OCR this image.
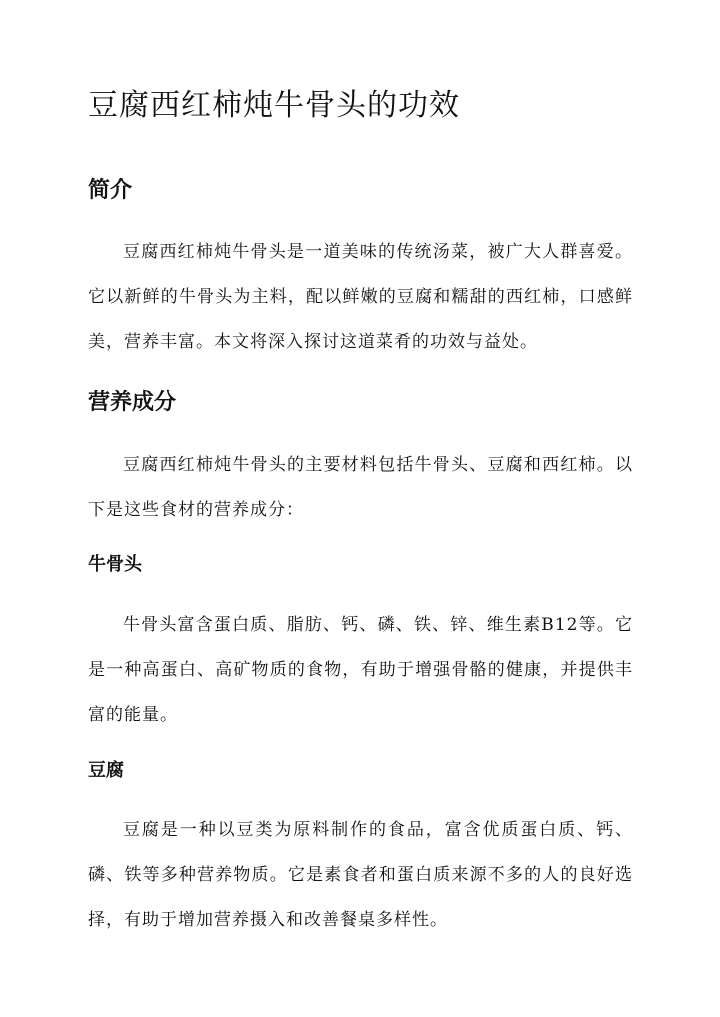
豆腐西红柿炖牛骨头的功效
简介

豆腐西红柿炖牛骨头是一道美味的传统汤菜，被广大人群喜爱。它以新鲜的牛骨头为主料，配以鲜嫩的豆腐和糯甜的西红柿，口感鲜美，营养丰富。本文将深入探讨这道菜肴的功效与益处。

营养成分

豆腐西红柿炖牛骨头的主要材料包括牛骨头、豆腐和西红柿。以下是这些食材的营养成分：

牛骨头

牛骨头富含蛋白质、脂肪、钙、磷、铁、锌、维生素B12等。它是一种高蛋白、高矿物质的食物，有助于增强骨骼的健康，并提供丰富的能量。

豆腐

豆腐是一种以豆类为原料制作的食品，富含优质蛋白质、钙、磷、铁等多种营养物质。它是素食者和蛋白质来源不多的人的良好选择，有助于增加营养摄入和改善餐桌多样性。
